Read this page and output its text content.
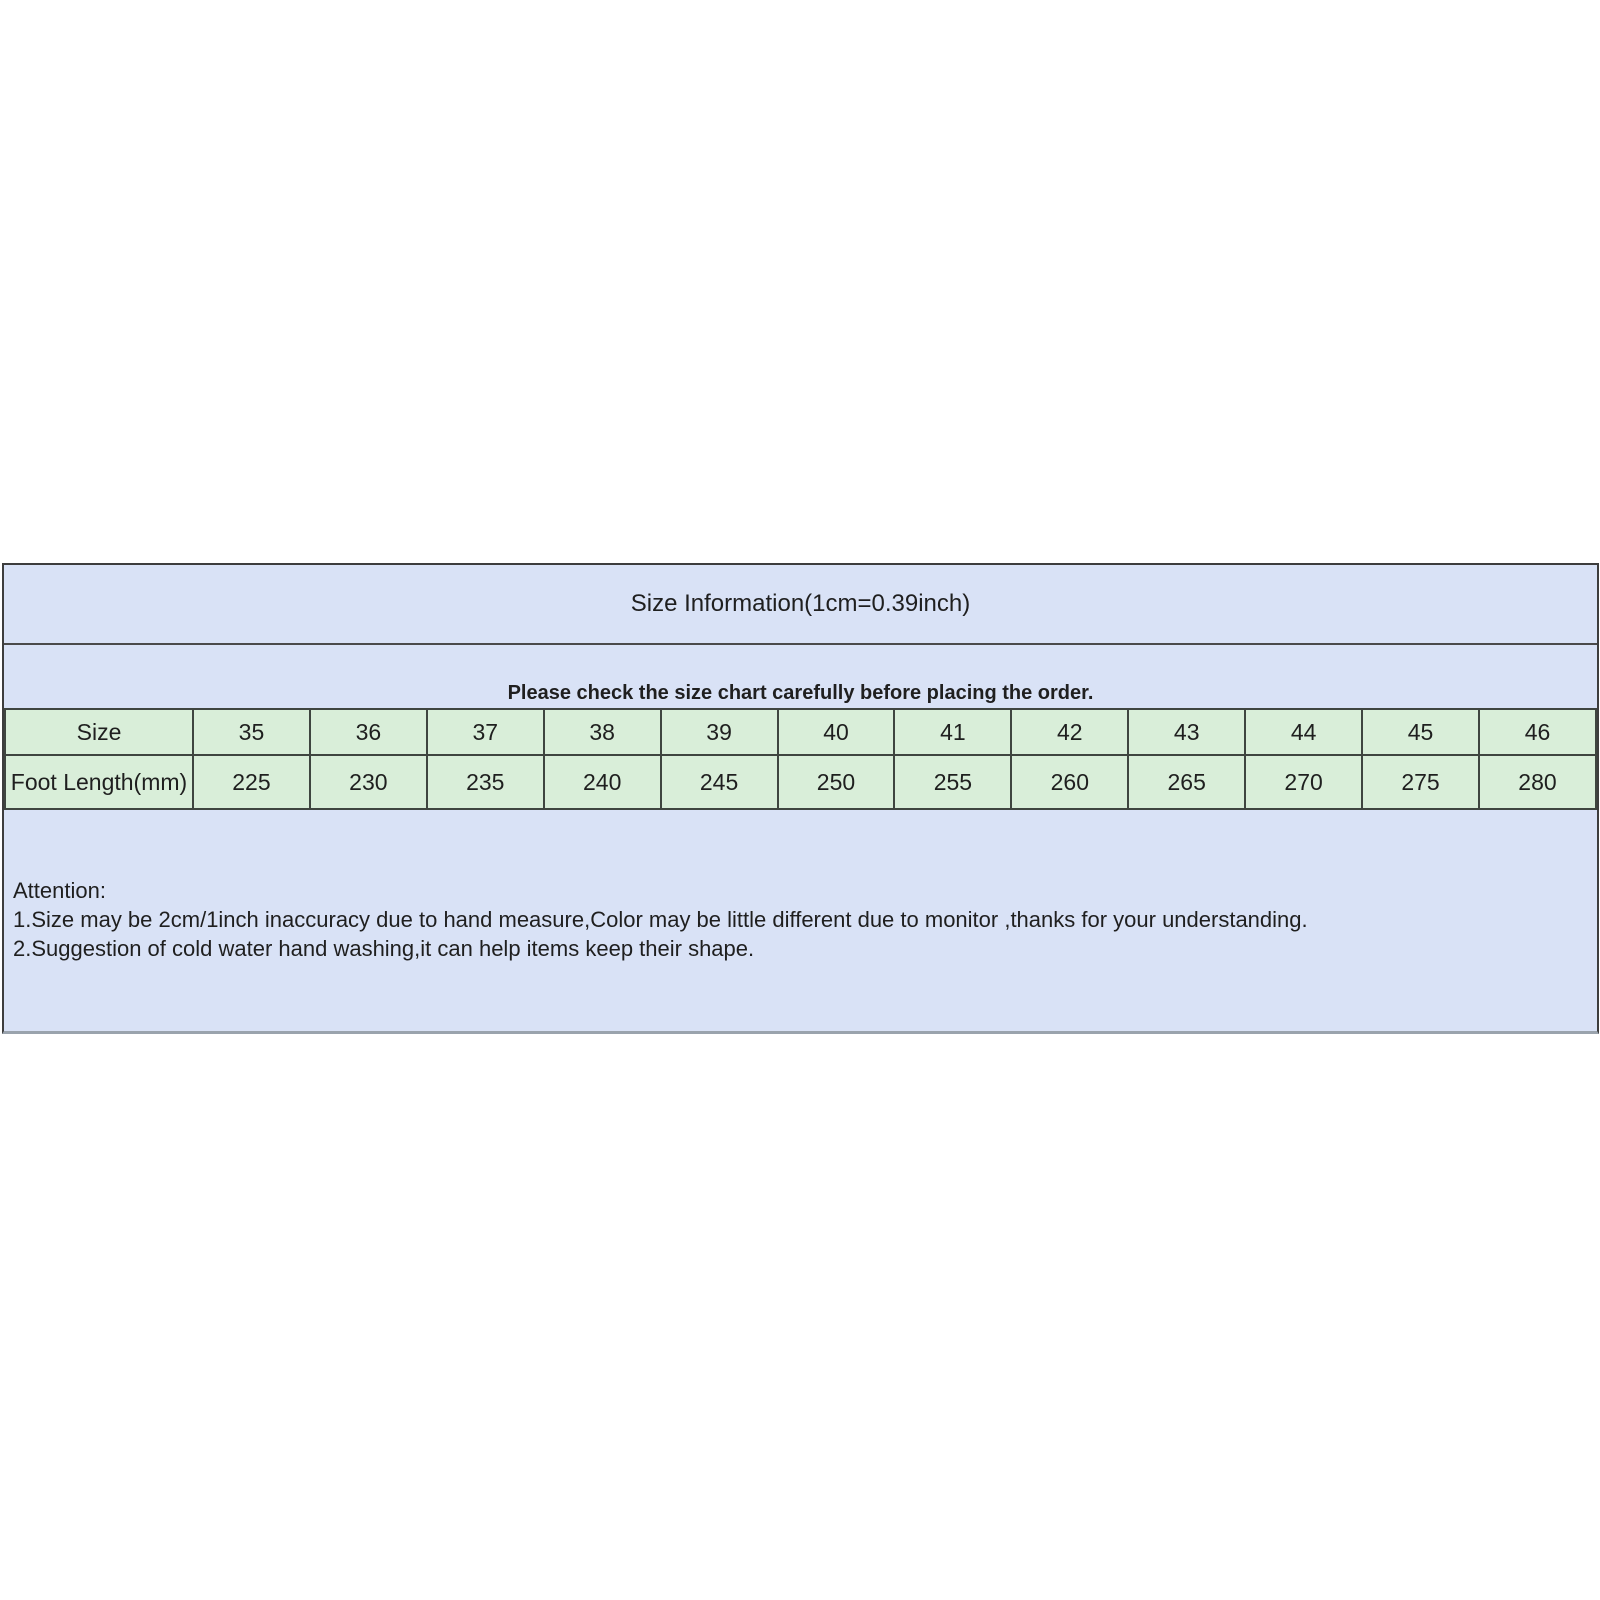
Size Information(1cm=0.39inch)
Please check the size chart carefully before placing the order.
Size	35	36	37	38	39	40	41	42	43	44	45	46
Foot Length(mm)	225	230	235	240	245	250	255	260	265	270	275	280
Attention:
1.Size may be 2cm/1inch inaccuracy due to hand measure,Color may be little different due to monitor ,thanks for your understanding.
2.Suggestion of cold water hand washing,it can help items keep their shape.
